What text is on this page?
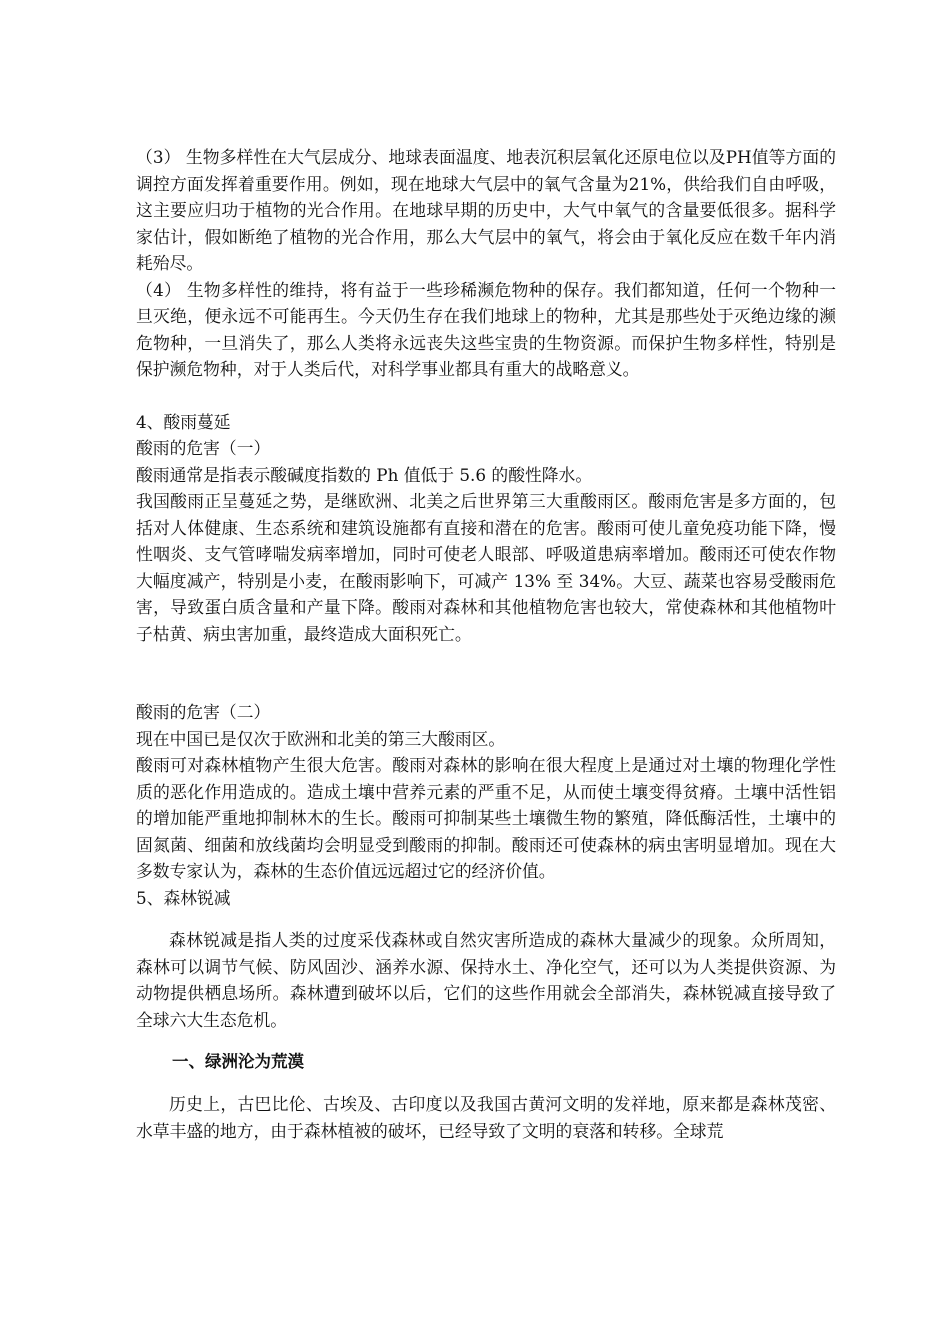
（3） 生物多样性在大气层成分、地球表面温度、地表沉积层氧化还原电位以及PH值等方面的调控方面发挥着重要作用。例如，现在地球大气层中的氧气含量为21%，供给我们自由呼吸，这主要应归功于植物的光合作用。在地球早期的历史中，大气中氧气的含量要低很多。据科学家估计，假如断绝了植物的光合作用，那么大气层中的氧气，将会由于氧化反应在数千年内消耗殆尽。

（4） 生物多样性的维持，将有益于一些珍稀濒危物种的保存。我们都知道，任何一个物种一旦灭绝，便永远不可能再生。今天仍生存在我们地球上的物种，尤其是那些处于灭绝边缘的濒危物种，一旦消失了，那么人类将永远丧失这些宝贵的生物资源。而保护生物多样性，特别是保护濒危物种，对于人类后代，对科学事业都具有重大的战略意义。

4、酸雨蔓延

酸雨的危害（一）

酸雨通常是指表示酸碱度指数的 Ph 值低于 5.6 的酸性降水。

我国酸雨正呈蔓延之势，是继欧洲、北美之后世界第三大重酸雨区。酸雨危害是多方面的，包括对人体健康、生态系统和建筑设施都有直接和潜在的危害。酸雨可使儿童免疫功能下降，慢性咽炎、支气管哮喘发病率增加，同时可使老人眼部、呼吸道患病率增加。酸雨还可使农作物大幅度减产，特别是小麦，在酸雨影响下，可减产 13% 至 34%。大豆、蔬菜也容易受酸雨危害，导致蛋白质含量和产量下降。酸雨对森林和其他植物危害也较大，常使森林和其他植物叶子枯黄、病虫害加重，最终造成大面积死亡。

酸雨的危害（二）

现在中国已是仅次于欧洲和北美的第三大酸雨区。

酸雨可对森林植物产生很大危害。酸雨对森林的影响在很大程度上是通过对土壤的物理化学性质的恶化作用造成的。造成土壤中营养元素的严重不足，从而使土壤变得贫瘠。土壤中活性铝的增加能严重地抑制林木的生长。酸雨可抑制某些土壤微生物的繁殖，降低酶活性，土壤中的固氮菌、细菌和放线菌均会明显受到酸雨的抑制。酸雨还可使森林的病虫害明显增加。现在大多数专家认为，森林的生态价值远远超过它的经济价值。

5、森林锐减

森林锐减是指人类的过度采伐森林或自然灾害所造成的森林大量减少的现象。众所周知，森林可以调节气候、防风固沙、涵养水源、保持水土、净化空气，还可以为人类提供资源、为动物提供栖息场所。森林遭到破坏以后，它们的这些作用就会全部消失，森林锐减直接导致了全球六大生态危机。

一、绿洲沦为荒漠

历史上，古巴比伦、古埃及、古印度以及我国古黄河文明的发祥地，原来都是森林茂密、水草丰盛的地方，由于森林植被的破坏，已经导致了文明的衰落和转移。全球荒
